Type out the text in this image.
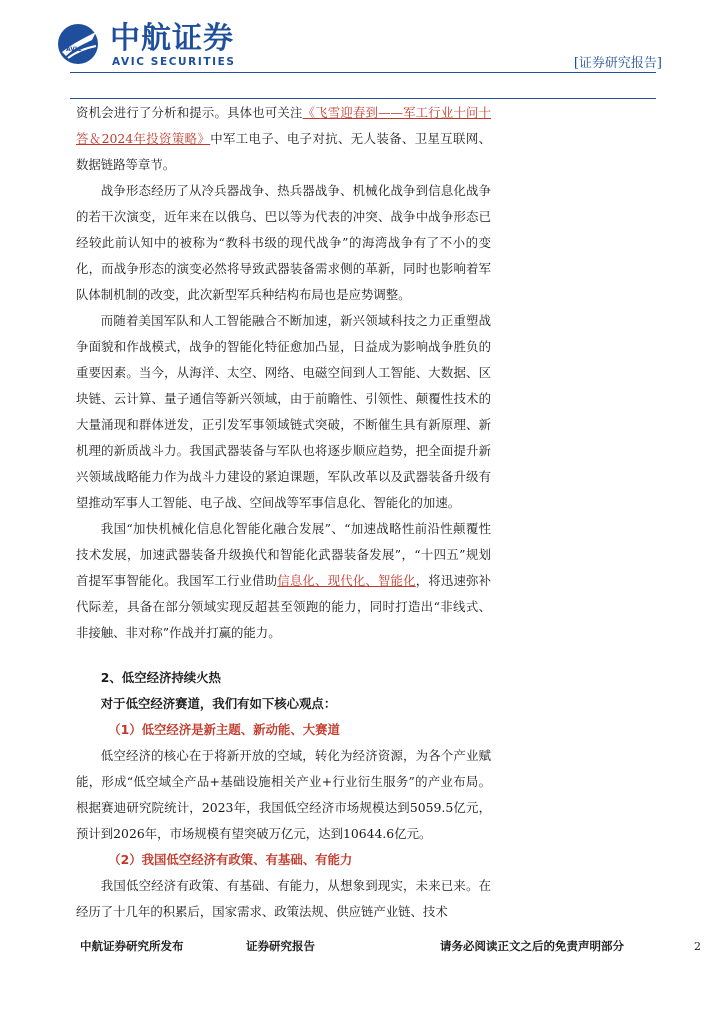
AVIC 中航证券
AVIC SECURITIES	[证券研究报告]

资机会进行了分析和提示。具体也可关注《飞雪迎春到——军工行业十问十答＆2024年投资策略》中军工电子、电子对抗、无人装备、卫星互联网、数据链路等章节。

战争形态经历了从冷兵器战争、热兵器战争、机械化战争到信息化战争的若干次演变，近年来在以俄乌、巴以等为代表的冲突、战争中战争形态已经较此前认知中的被称为“教科书级的现代战争”的海湾战争有了不小的变化，而战争形态的演变必然将导致武器装备需求侧的革新，同时也影响着军队体制机制的改变，此次新型军兵种结构布局也是应势调整。

而随着美国军队和人工智能融合不断加速，新兴领域科技之力正重塑战争面貌和作战模式，战争的智能化特征愈加凸显，日益成为影响战争胜负的重要因素。当今，从海洋、太空、网络、电磁空间到人工智能、大数据、区块链、云计算、量子通信等新兴领域，由于前瞻性、引领性、颠覆性技术的大量涌现和群体迸发，正引发军事领域链式突破，不断催生具有新原理、新机理的新质战斗力。我国武器装备与军队也将逐步顺应趋势，把全面提升新兴领域战略能力作为战斗力建设的紧迫课题，军队改革以及武器装备升级有望推动军事人工智能、电子战、空间战等军事信息化、智能化的加速。

我国“加快机械化信息化智能化融合发展”、“加速战略性前沿性颠覆性技术发展，加速武器装备升级换代和智能化武器装备发展”，“十四五”规划首提军事智能化。我国军工行业借助信息化、现代化、智能化，将迅速弥补代际差，具备在部分领域实现反超甚至领跑的能力，同时打造出“非线式、非接触、非对称”作战并打赢的能力。

2、低空经济持续火热

对于低空经济赛道，我们有如下核心观点：

（1）低空经济是新主题、新动能、大赛道

低空经济的核心在于将新开放的空域，转化为经济资源，为各个产业赋能，形成“低空域全产品+基础设施相关产业+行业衍生服务”的产业布局。根据赛迪研究院统计，2023年，我国低空经济市场规模达到5059.5亿元，预计到2026年，市场规模有望突破万亿元，达到10644.6亿元。

（2）我国低空经济有政策、有基础、有能力

我国低空经济有政策、有基础、有能力，从想象到现实，未来已来。在经历了十几年的积累后，国家需求、政策法规、供应链产业链、技术

中航证券研究所发布	证券研究报告	请务必阅读正文之后的免责声明部分	2
